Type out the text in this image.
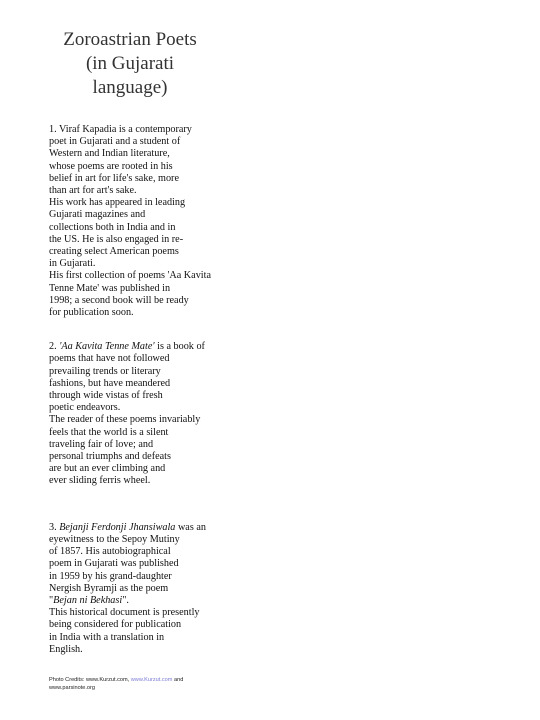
Zoroastrian Poets
(in Gujarati
language)

1. Viraf Kapadia is a contemporary
poet in Gujarati and a student of
Western and Indian literature,
whose poems are rooted in his
belief in art for life's sake, more
than art for art's sake.

His work has appeared in leading
Gujarati magazines and
collections both in India and in
the US. He is also engaged in re-
creating select American poems
in Gujarati.

His first collection of poems 'Aa Kavita
Tenne Mate' was published in
1998; a second book will be ready
for publication soon.

2. 'Aa Kavita Tenne Mate' is a book of
poems that have not followed
prevailing trends or literary
fashions, but have meandered
through wide vistas of fresh
poetic endeavors.

The reader of these poems invariably
feels that the world is a silent
traveling fair of love; and
personal triumphs and defeats
are but an ever climbing and
ever sliding ferris wheel.

3. Bejanji Ferdonji Jhansiwala was an
eyewitness to the Sepoy Mutiny
of 1857. His autobiographical
poem in Gujarati was published
in 1959 by his grand-daughter
Nergish Byramji as the poem
"Bejan ni Bekhasi".

This historical document is presently
being considered for publication
in India with a translation in
English.

Photo Credits: www.Kurzut.com, www.Kurzut.com and
www.parsinote.org
